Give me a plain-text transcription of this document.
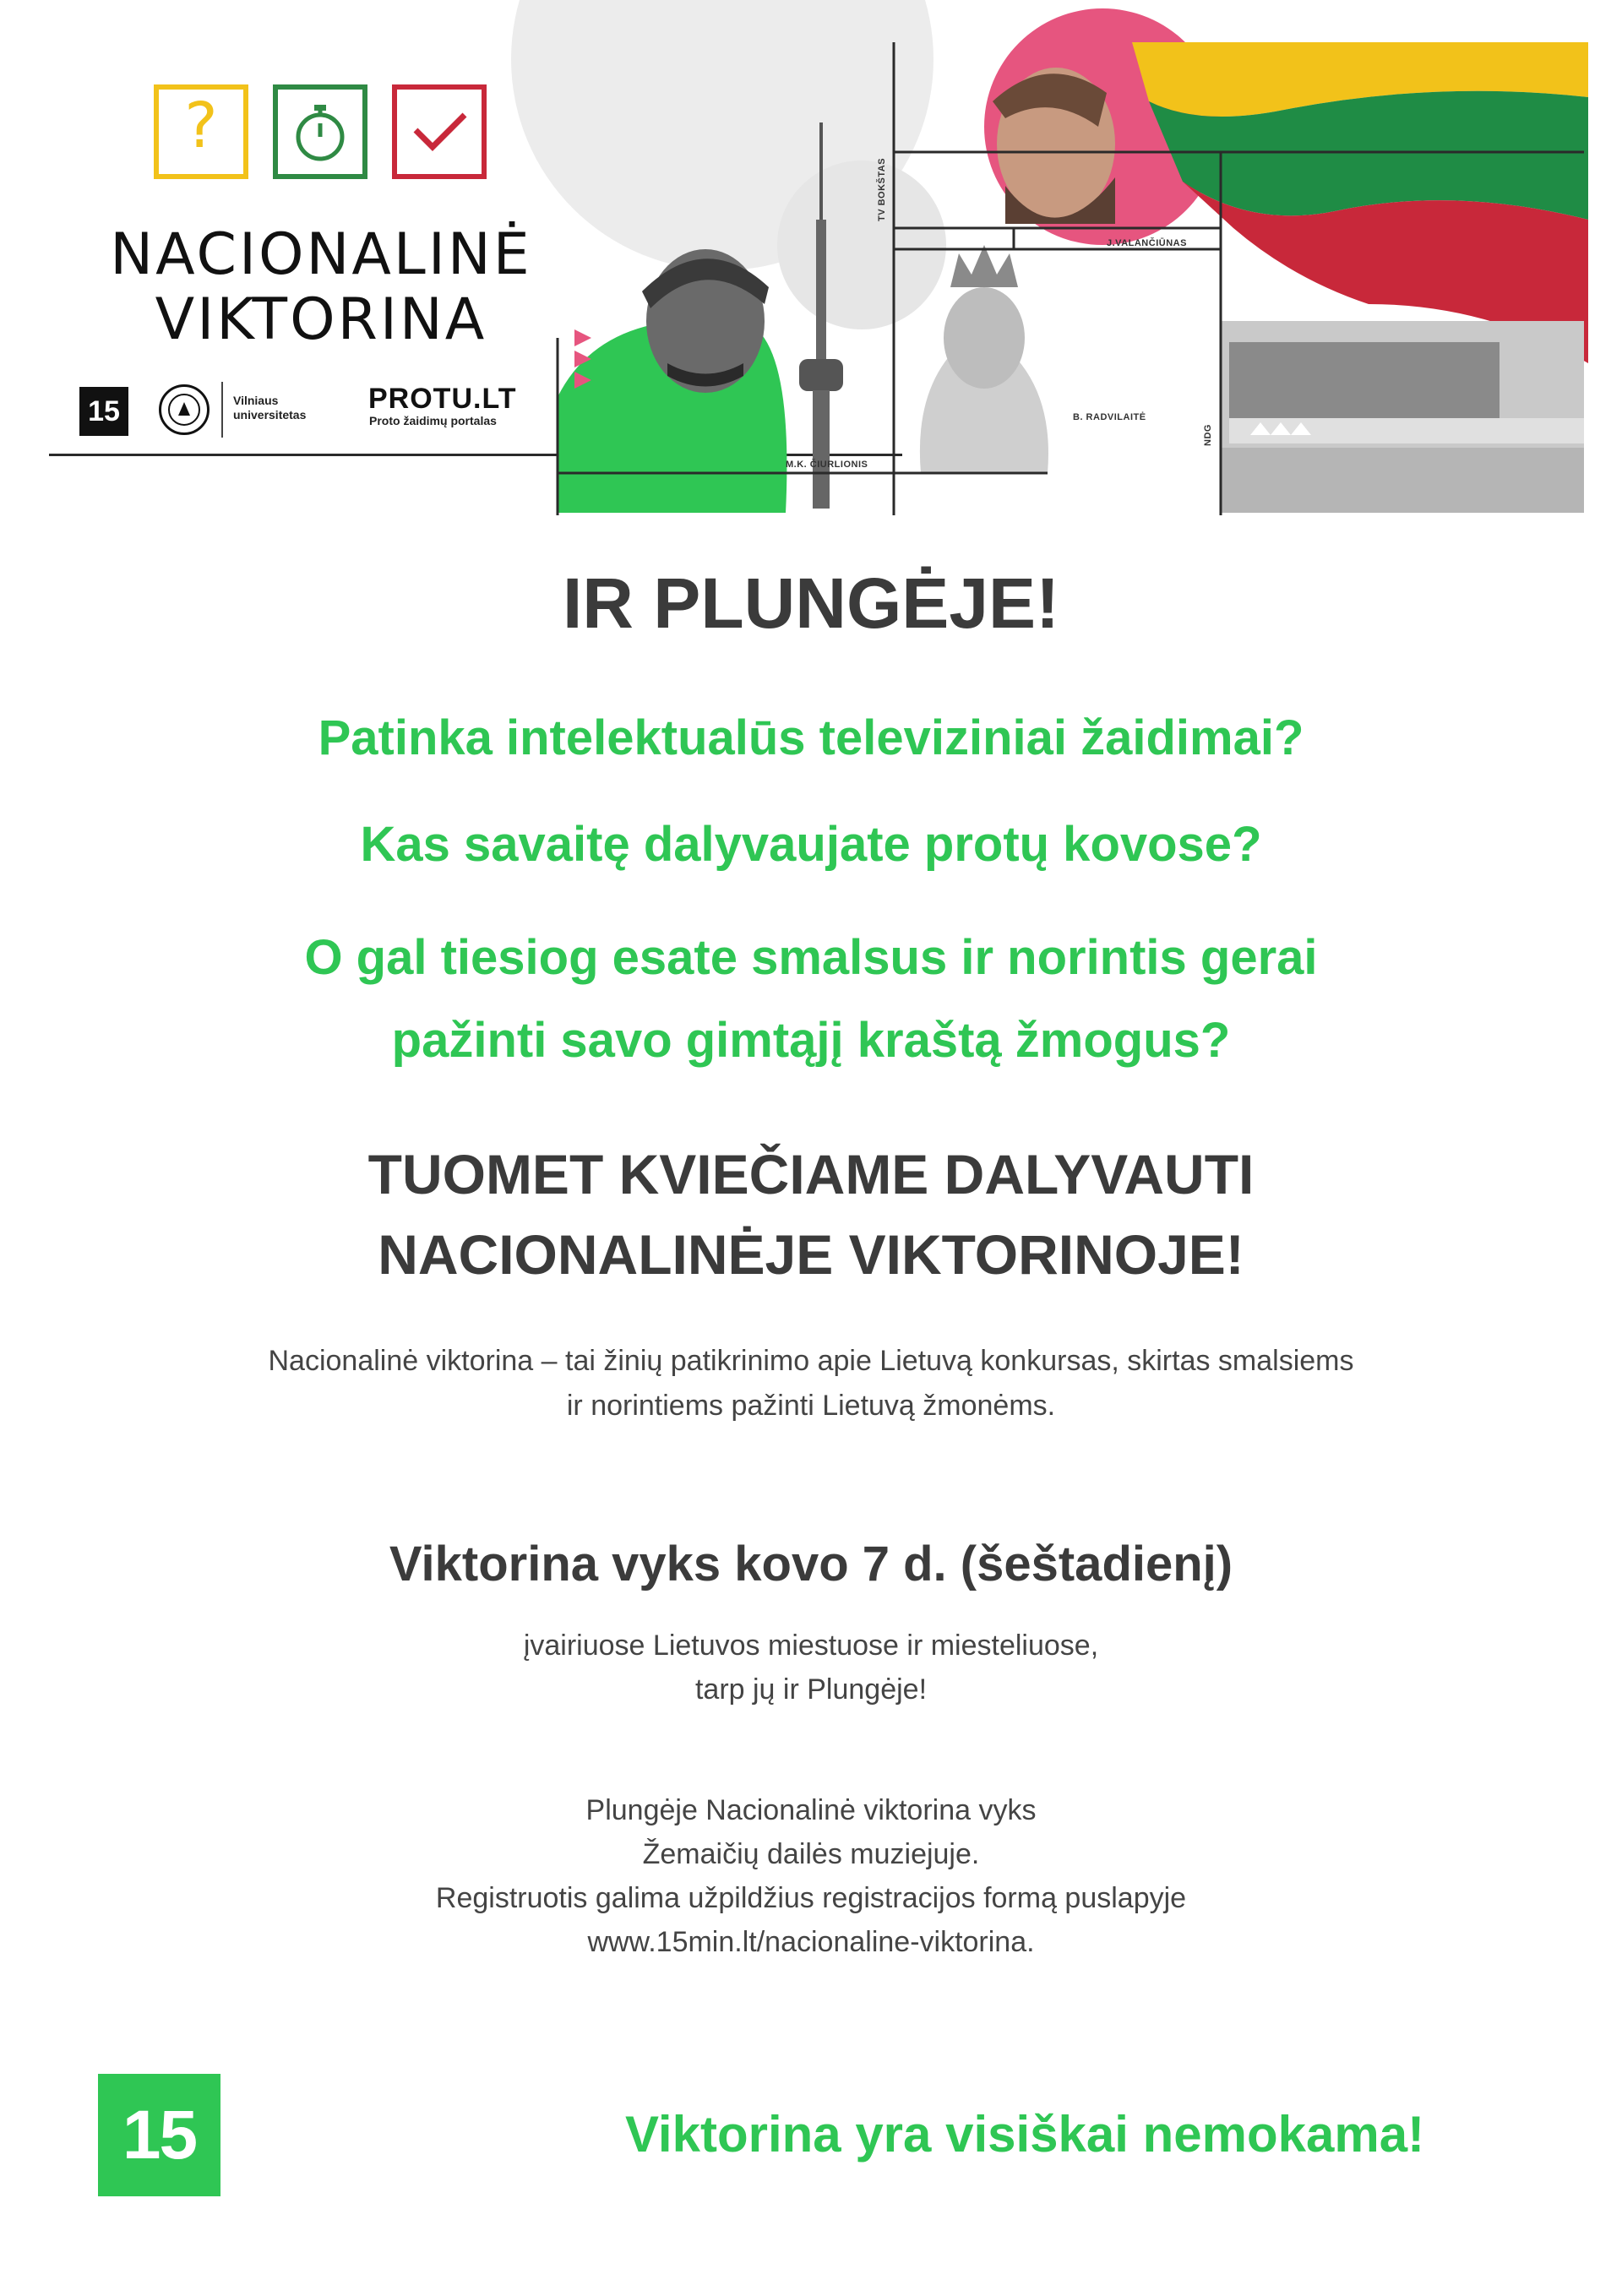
?
NACIONALINĖ
VIKTORINA
15	Vilniaus universitetas	PROTU.LT
Proto žaidimų portalas
TV BOKŠTAS
J.VALANČIŪNAS
B. RADVILAITĖ
M.K. ČIURLIONIS
NDG
IR PLUNGĖJE!
Patinka intelektualūs televiziniai žaidimai?
Kas savaitę dalyvaujate protų kovose?
O gal tiesiog esate smalsus ir norintis gerai
pažinti savo gimtąjį kraštą žmogus?
TUOMET KVIEČIAME DALYVAUTI
NACIONALINĖJE VIKTORINOJE!
Nacionalinė viktorina – tai žinių patikrinimo apie Lietuvą konkursas, skirtas smalsiems
ir norintiems pažinti Lietuvą žmonėms.
Viktorina vyks kovo 7 d. (šeštadienį)
įvairiuose Lietuvos miestuose ir miesteliuose,
tarp jų ir Plungėje!
Plungėje Nacionalinė viktorina vyks
Žemaičių dailės muziejuje.
Registruotis galima užpildžius registracijos formą puslapyje
www.15min.lt/nacionaline-viktorina.
15	Viktorina yra visiškai nemokama!
